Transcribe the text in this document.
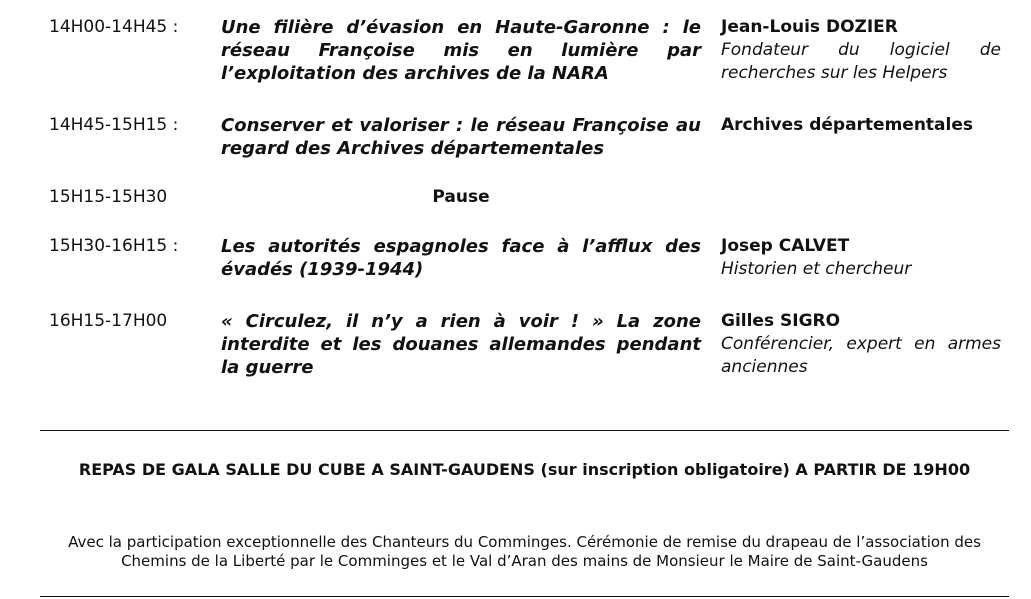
14H00-14H45 : Une filière d’évasion en Haute-Garonne : le réseau Françoise mis en lumière par l’exploitation des archives de la NARA
Jean-Louis DOZIER
Fondateur du logiciel de recherches sur les Helpers
14H45-15H15 : Conserver et valoriser : le réseau Françoise au regard des Archives départementales
Archives départementales
15H15-15H30	Pause
15H30-16H15 : Les autorités espagnoles face à l’afflux des évadés (1939-1944)
Josep CALVET
Historien et chercheur
16H15-17H00	« Circulez, il n’y a rien à voir ! » La zone interdite et les douanes allemandes pendant la guerre
Gilles SIGRO
Conférencier, expert en armes anciennes
REPAS DE GALA SALLE DU CUBE A SAINT-GAUDENS (sur inscription obligatoire) A PARTIR DE 19H00
Avec la participation exceptionnelle des Chanteurs du Comminges. Cérémonie de remise du drapeau de l’association des Chemins de la Liberté par le Comminges et le Val d’Aran des mains de Monsieur le Maire de Saint-Gaudens
